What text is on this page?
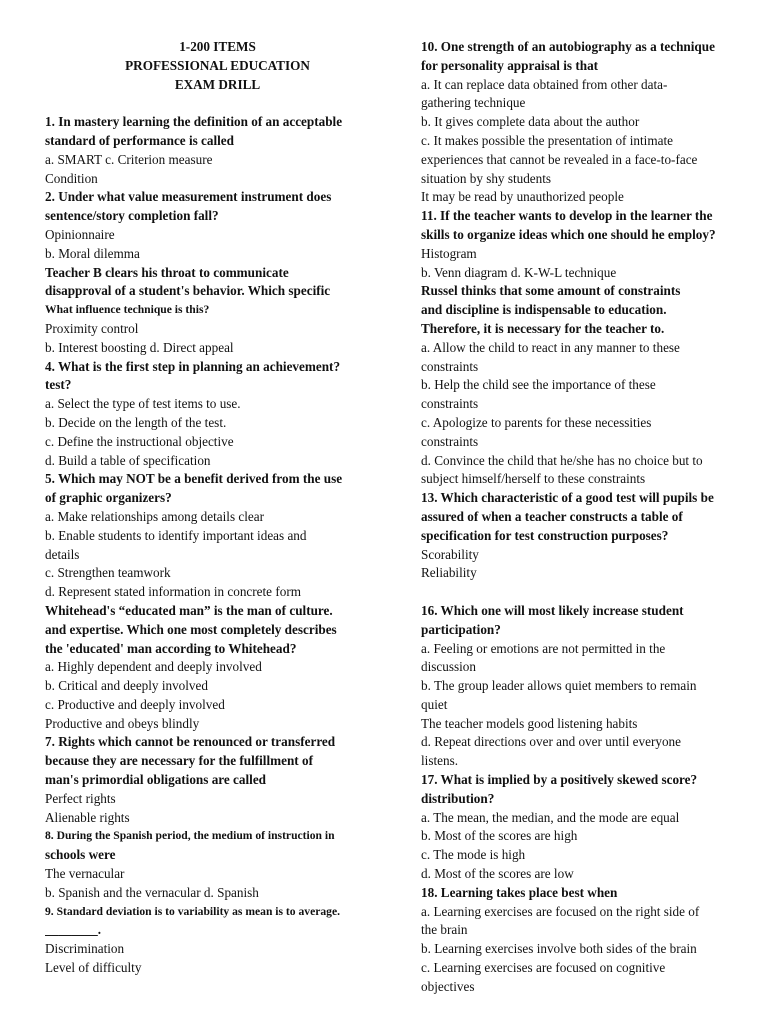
1-200 ITEMS
PROFESSIONAL EDUCATION
EXAM DRILL
1. In mastery learning the definition of an acceptable
standard of performance is called
a. SMART c. Criterion measure
Condition
2. Under what value measurement instrument does
sentence/story completion fall?
Opinionnaire
b. Moral dilemma
Teacher B clears his throat to communicate
disapproval of a student's behavior. Which specific
What influence technique is this?
Proximity control
b. Interest boosting d. Direct appeal
4. What is the first step in planning an achievement?
test?
a. Select the type of test items to use.
b. Decide on the length of the test.
c. Define the instructional objective
d. Build a table of specification
5. Which may NOT be a benefit derived from the use
of graphic organizers?
a. Make relationships among details clear
b. Enable students to identify important ideas and
details
c. Strengthen teamwork
d. Represent stated information in concrete form
Whitehead's “educated man” is the man of culture.
and expertise. Which one most completely describes
the 'educated' man according to Whitehead?
a. Highly dependent and deeply involved
b. Critical and deeply involved
c. Productive and deeply involved
Productive and obeys blindly
7. Rights which cannot be renounced or transferred
because they are necessary for the fulfillment of
man's primordial obligations are called
Perfect rights
Alienable rights
8. During the Spanish period, the medium of instruction in
schools were
The vernacular
b. Spanish and the vernacular d. Spanish
9. Standard deviation is to variability as mean is to average.
________.
Discrimination
Level of difficulty
10. One strength of an autobiography as a technique
for personality appraisal is that
a. It can replace data obtained from other data-
gathering technique
b. It gives complete data about the author
c. It makes possible the presentation of intimate
experiences that cannot be revealed in a face-to-face
situation by shy students
It may be read by unauthorized people
11. If the teacher wants to develop in the learner the
skills to organize ideas which one should he employ?
Histogram
b. Venn diagram d. K-W-L technique
Russel thinks that some amount of constraints
and discipline is indispensable to education.
Therefore, it is necessary for the teacher to.
a. Allow the child to react in any manner to these
constraints
b. Help the child see the importance of these
constraints
c. Apologize to parents for these necessities
constraints
d. Convince the child that he/she has no choice but to
subject himself/herself to these constraints
13. Which characteristic of a good test will pupils be
assured of when a teacher constructs a table of
specification for test construction purposes?
Scorability
Reliability
16. Which one will most likely increase student
participation?
a. Feeling or emotions are not permitted in the
discussion
b. The group leader allows quiet members to remain
quiet
The teacher models good listening habits
d. Repeat directions over and over until everyone
listens.
17. What is implied by a positively skewed score?
distribution?
a. The mean, the median, and the mode are equal
b. Most of the scores are high
c. The mode is high
d. Most of the scores are low
18. Learning takes place best when
a. Learning exercises are focused on the right side of
the brain
b. Learning exercises involve both sides of the brain
c. Learning exercises are focused on cognitive
objectives
